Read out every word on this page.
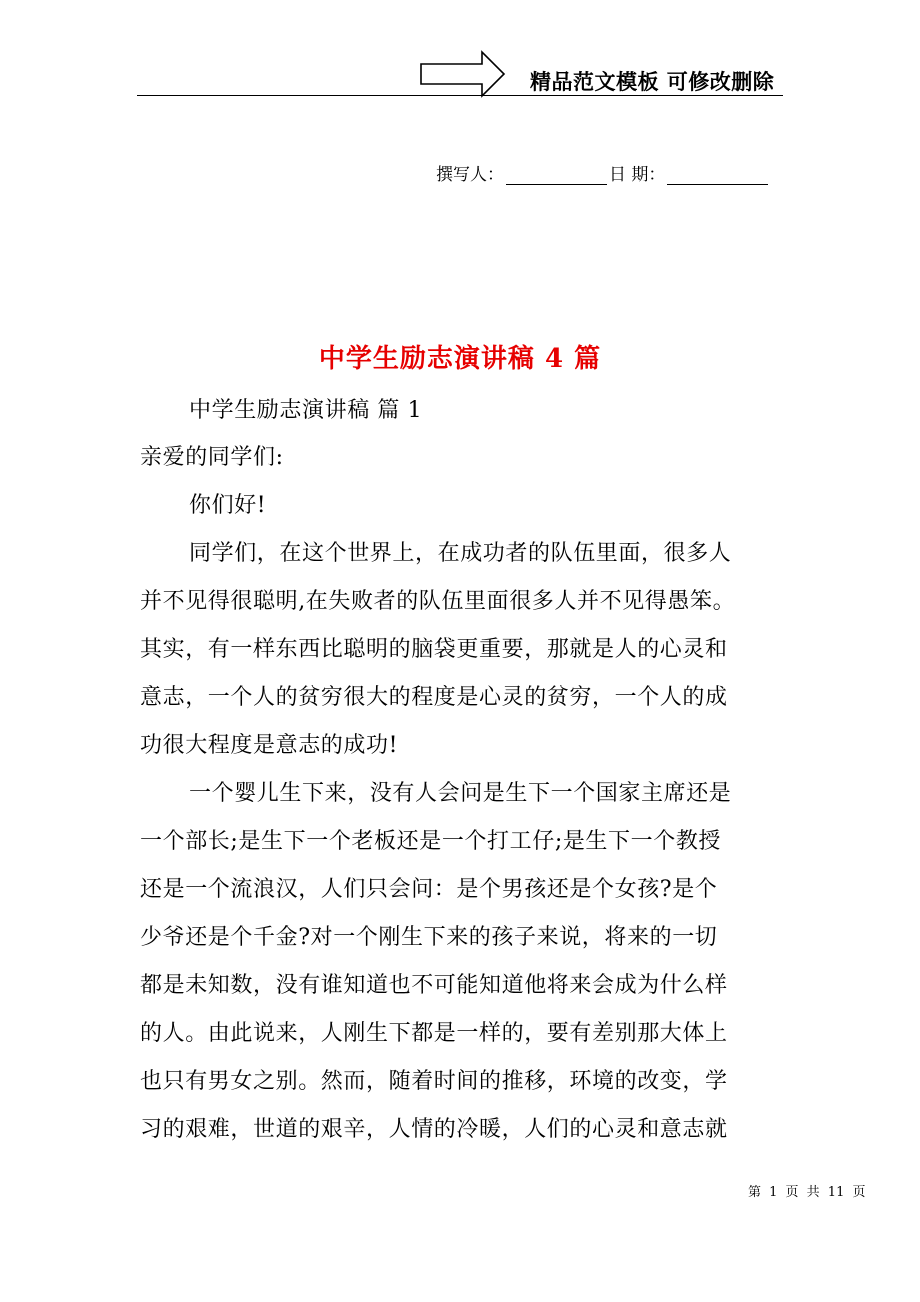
精品范文模板 可修改删除
撰写人：	日 期：
中学生励志演讲稿 4 篇
中学生励志演讲稿 篇 1
亲爱的同学们:
你们好!
同学们，在这个世界上，在成功者的队伍里面，很多人
并不见得很聪明,在失败者的队伍里面很多人并不见得愚笨。
其实，有一样东西比聪明的脑袋更重要，那就是人的心灵和
意志，一个人的贫穷很大的程度是心灵的贫穷，一个人的成
功很大程度是意志的成功!
一个婴儿生下来，没有人会问是生下一个国家主席还是
一个部长;是生下一个老板还是一个打工仔;是生下一个教授
还是一个流浪汉，人们只会问：是个男孩还是个女孩?是个
少爷还是个千金?对一个刚生下来的孩子来说，将来的一切
都是未知数，没有谁知道也不可能知道他将来会成为什么样
的人。由此说来，人刚生下都是一样的，要有差别那大体上
也只有男女之别。然而，随着时间的推移，环境的改变，学
习的艰难，世道的艰辛，人情的冷暖，人们的心灵和意志就
第 1 页 共 11 页
